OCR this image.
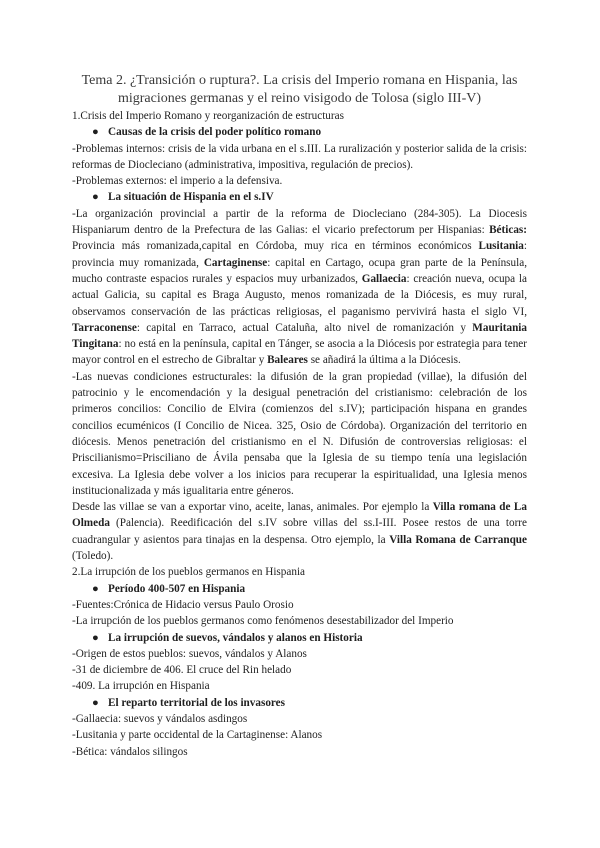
Tema 2. ¿Transición o ruptura?. La crisis del Imperio romana en Hispania, las migraciones germanas y el reino visigodo de Tolosa (siglo III-V)

1.Crisis del Imperio Romano y reorganización de estructuras

● Causas de la crisis del poder político romano

-Problemas internos: crisis de la vida urbana en el s.III. La ruralización y posterior salida de la crisis: reformas de Diocleciano (administrativa, impositiva, regulación de precios).

-Problemas externos: el imperio a la defensiva.

● La situación de Hispania en el s.IV

-La organización provincial a partir de la reforma de Diocleciano (284-305). La Diocesis Hispaniarum dentro de la Prefectura de las Galias: el vicario prefectorum per Hispanias: Béticas: Provincia más romanizada,capital en Córdoba, muy rica en términos económicos Lusitania: provincia muy romanizada, Cartaginense: capital en Cartago, ocupa gran parte de la Península, mucho contraste espacios rurales y espacios muy urbanizados, Gallaecia: creación nueva, ocupa la actual Galicia, su capital es Braga Augusto, menos romanizada de la Diócesis, es muy rural, observamos conservación de las prácticas religiosas, el paganismo pervivirá hasta el siglo VI, Tarraconense: capital en Tarraco, actual Cataluña, alto nivel de romanización y Mauritania Tingitana: no está en la península, capital en Tánger, se asocia a la Diócesis por estrategia para tener mayor control en el estrecho de Gibraltar y Baleares se añadirá la última a la Diócesis.

-Las nuevas condiciones estructurales: la difusión de la gran propiedad (villae), la difusión del patrocinio y le encomendación y la desigual penetración del cristianismo: celebración de los primeros concilios: Concilio de Elvira (comienzos del s.IV); participación hispana en grandes concilios ecuménicos (I Concilio de Nicea. 325, Osio de Córdoba). Organización del territorio en diócesis. Menos penetración del cristianismo en el N. Difusión de controversias religiosas: el Priscilianismo=Prisciliano de Ávila pensaba que la Iglesia de su tiempo tenía una legislación excesiva. La Iglesia debe volver a los inicios para recuperar la espiritualidad, una Iglesia menos institucionalizada y más igualitaria entre géneros.

Desde las villae se van a exportar vino, aceite, lanas, animales. Por ejemplo la Villa romana de La Olmeda (Palencia). Reedificación del s.IV sobre villas del ss.I-III. Posee restos de una torre cuadrangular y asientos para tinajas en la despensa. Otro ejemplo, la Villa Romana de Carranque (Toledo).

2.La irrupción de los pueblos germanos en Hispania

● Período 400-507 en Hispania

-Fuentes:Crónica de Hidacio versus Paulo Orosio

-La irrupción de los pueblos germanos como fenómenos desestabilizador del Imperio

● La irrupción de suevos, vándalos y alanos en Historia

-Origen de estos pueblos: suevos, vándalos y Alanos

-31 de diciembre de 406. El cruce del Rin helado

-409. La irrupción en Hispania

● El reparto territorial de los invasores

-Gallaecia: suevos y vándalos asdingos

-Lusitania y parte occidental de la Cartaginense: Alanos

-Bética: vándalos silingos
